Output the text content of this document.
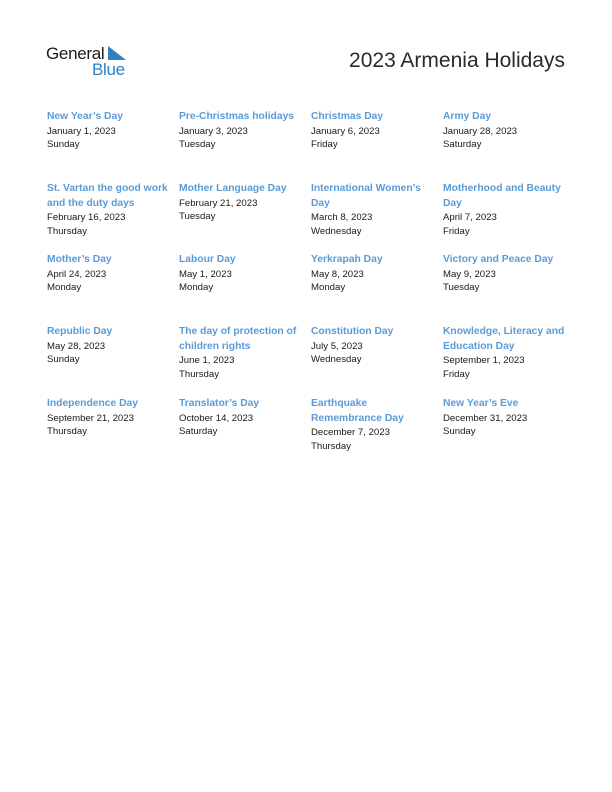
General
Blue	2023 Armenia Holidays
New Year’s Day
January 1, 2023
Sunday
Pre-Christmas holidays
January 3, 2023
Tuesday
Christmas Day
January 6, 2023
Friday
Army Day
January 28, 2023
Saturday
St. Vartan the good work and the duty days
February 16, 2023
Thursday
Mother Language Day
February 21, 2023
Tuesday
International Women’s Day
March 8, 2023
Wednesday
Motherhood and Beauty Day
April 7, 2023
Friday
Mother’s Day
April 24, 2023
Monday
Labour Day
May 1, 2023
Monday
Yerkrapah Day
May 8, 2023
Monday
Victory and Peace Day
May 9, 2023
Tuesday
Republic Day
May 28, 2023
Sunday
The day of protection of children rights
June 1, 2023
Thursday
Constitution Day
July 5, 2023
Wednesday
Knowledge, Literacy and Education Day
September 1, 2023
Friday
Independence Day
September 21, 2023
Thursday
Translator’s Day
October 14, 2023
Saturday
Earthquake Remembrance Day
December 7, 2023
Thursday
New Year’s Eve
December 31, 2023
Sunday
